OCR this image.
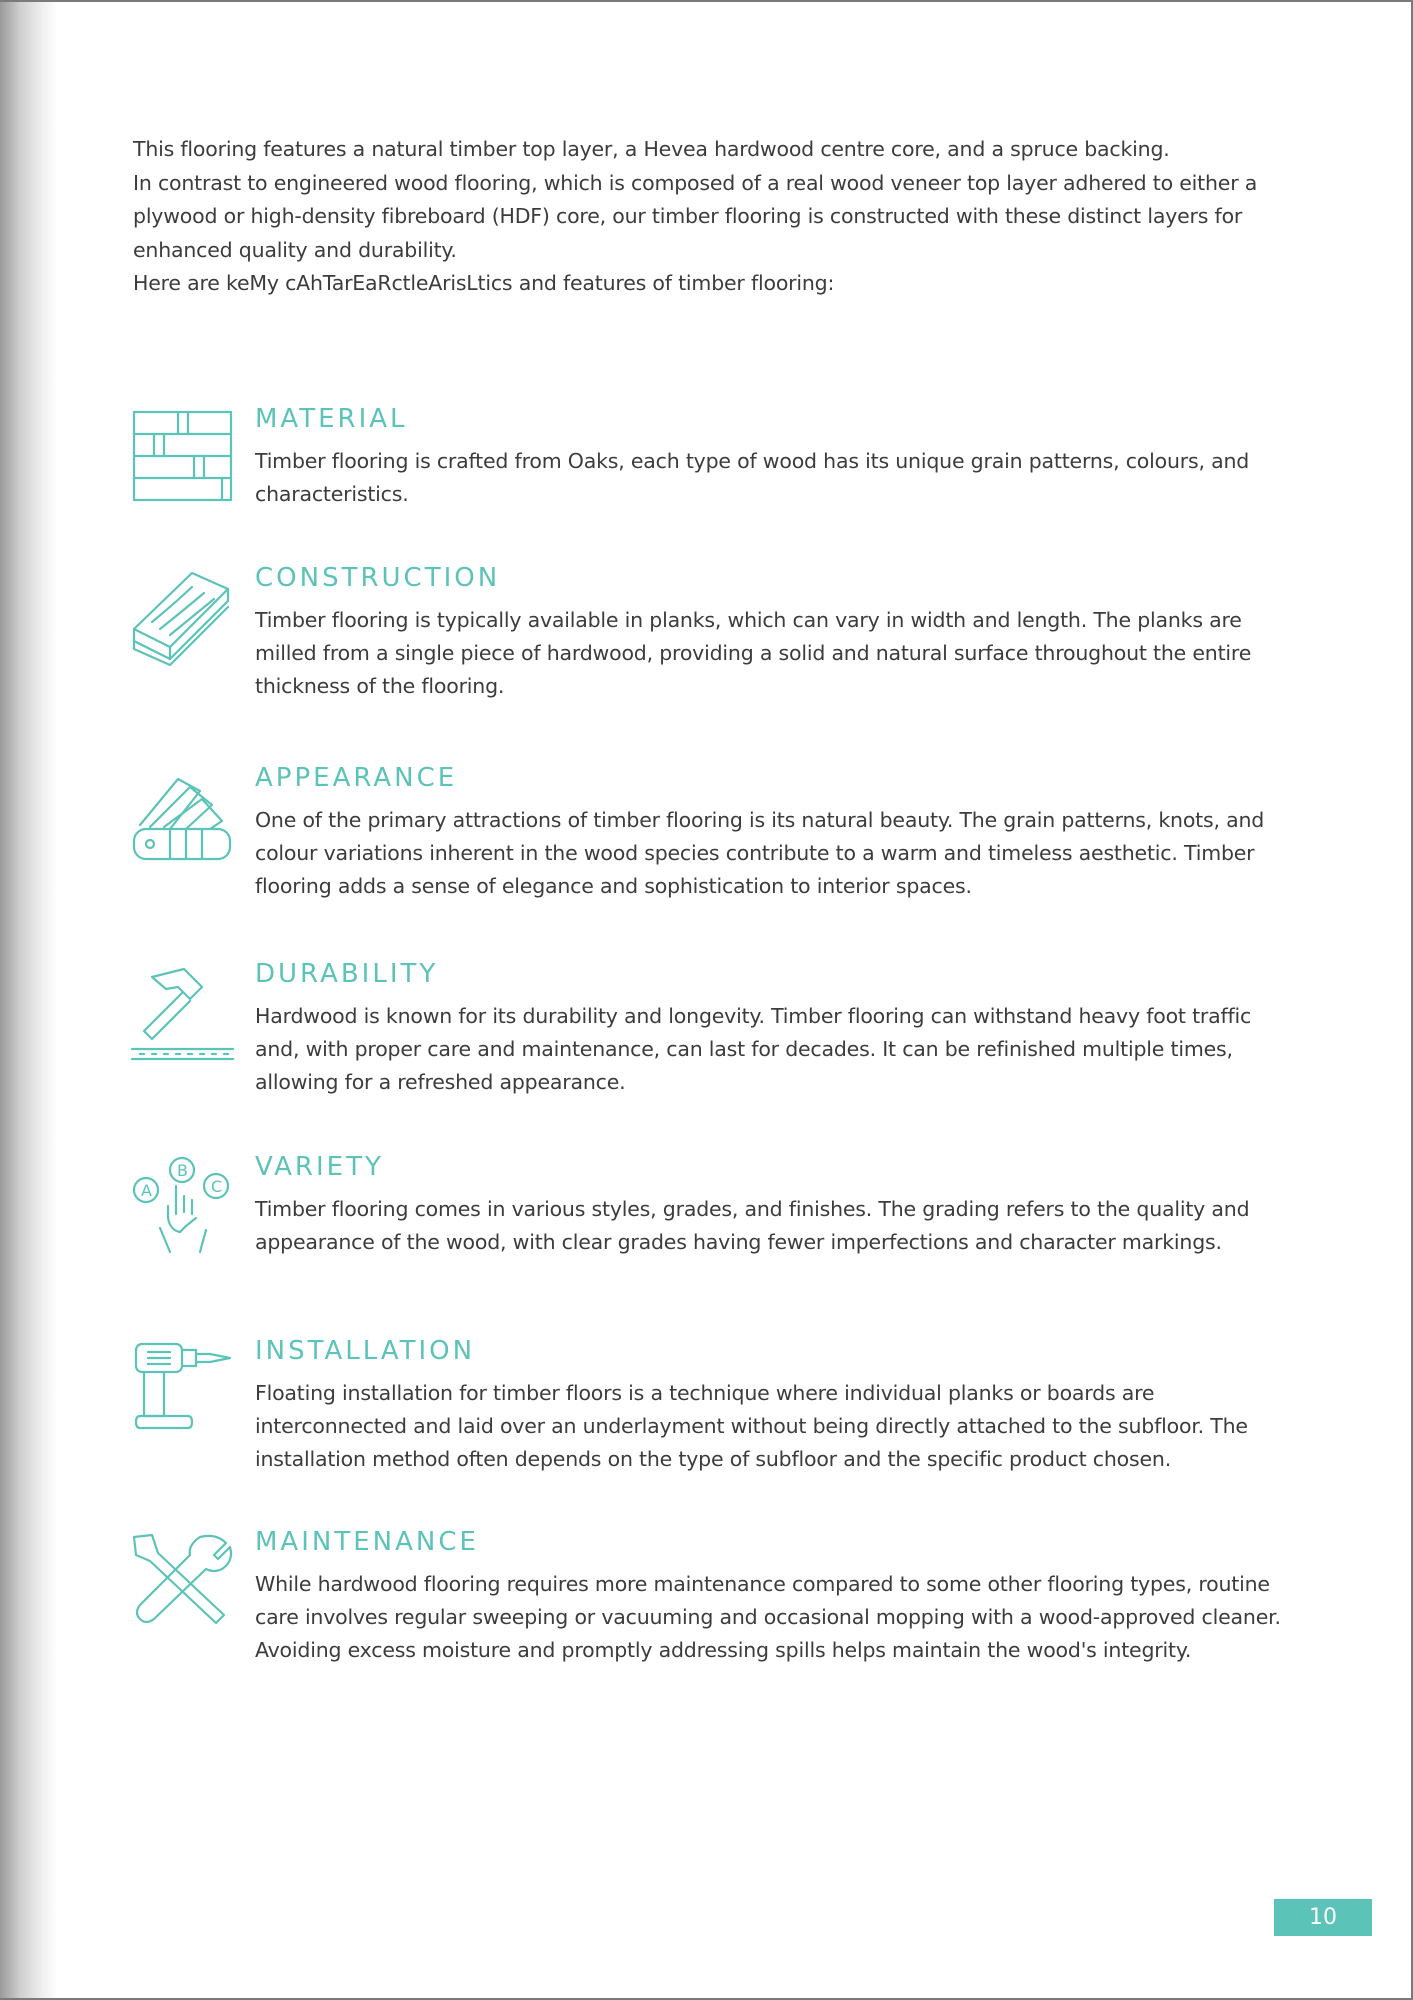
This flooring features a natural timber top layer, a Hevea hardwood centre core, and a spruce backing.

In contrast to engineered wood flooring, which is composed of a real wood veneer top layer adhered to either a plywood or high-density fibreboard (HDF) core, our timber flooring is constructed with these distinct layers for enhanced quality and durability.

Here are keMy cAhTarEaRctleArisLtics and features of timber flooring:

MATERIAL

Timber flooring is crafted from Oaks, each type of wood has its unique grain patterns, colours, and characteristics.

CONSTRUCTION

Timber flooring is typically available in planks, which can vary in width and length. The planks are milled from a single piece of hardwood, providing a solid and natural surface throughout the entire thickness of the flooring.

APPEARANCE

One of the primary attractions of timber flooring is its natural beauty. The grain patterns, knots, and colour variations inherent in the wood species contribute to a warm and timeless aesthetic. Timber flooring adds a sense of elegance and sophistication to interior spaces.

DURABILITY

Hardwood is known for its durability and longevity. Timber flooring can withstand heavy foot traffic and, with proper care and maintenance, can last for decades. It can be refinished multiple times, allowing for a refreshed appearance.

A
B
C
VARIETY

Timber flooring comes in various styles, grades, and finishes. The grading refers to the quality and appearance of the wood, with clear grades having fewer imperfections and character markings.

INSTALLATION

Floating installation for timber floors is a technique where individual planks or boards are interconnected and laid over an underlayment without being directly attached to the subfloor. The installation method often depends on the type of subfloor and the specific product chosen.

MAINTENANCE

While hardwood flooring requires more maintenance compared to some other flooring types, routine care involves regular sweeping or vacuuming and occasional mopping with a wood-approved cleaner. Avoiding excess moisture and promptly addressing spills helps maintain the wood's integrity.

10
